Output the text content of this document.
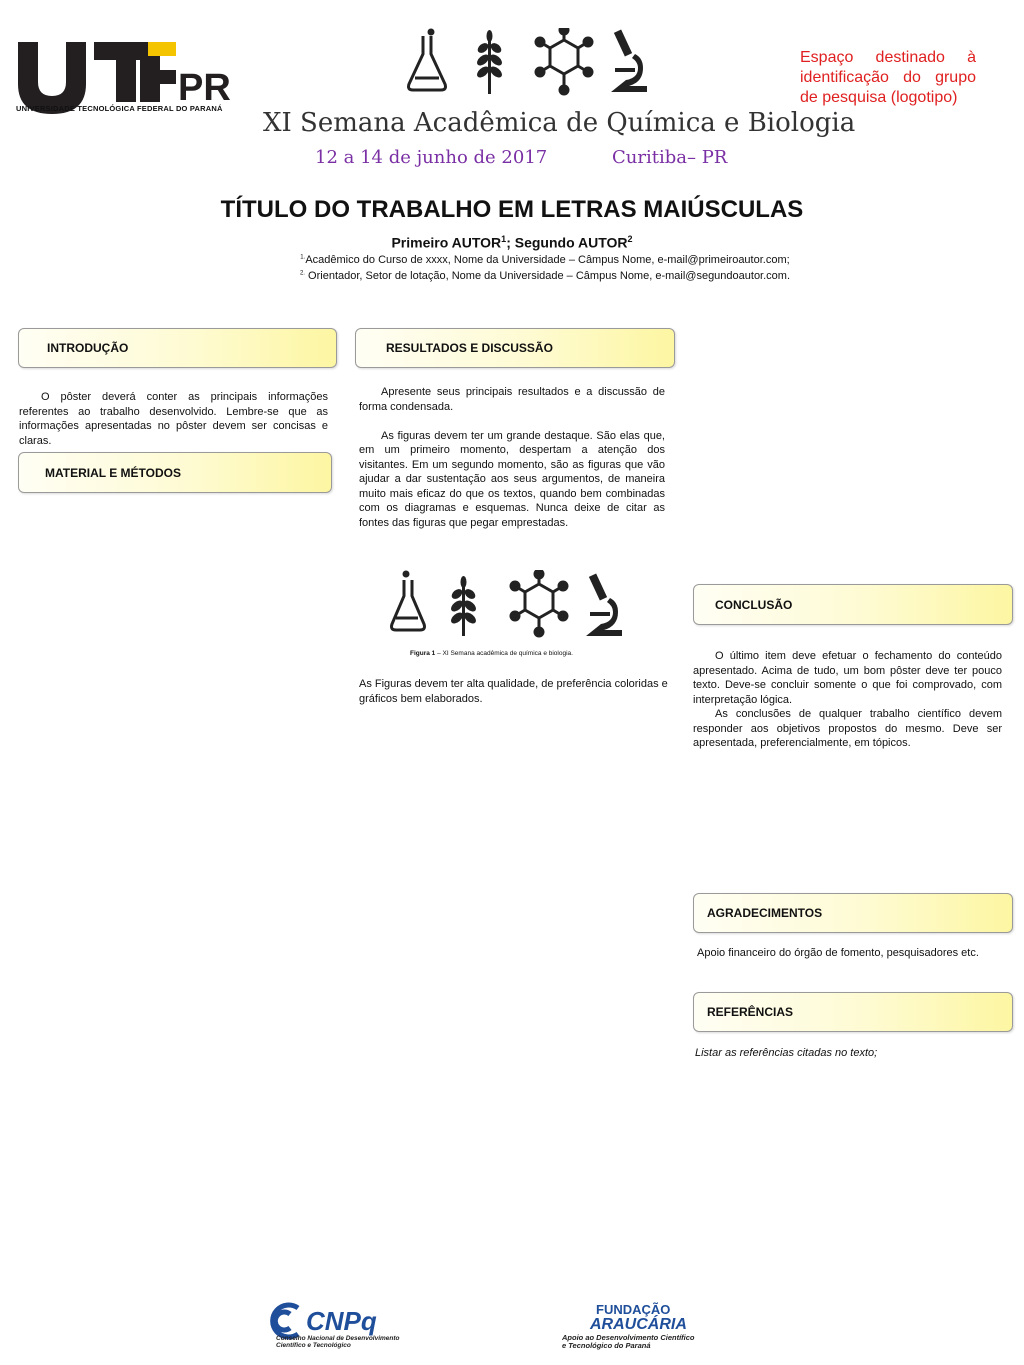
PR
UNIVERSIDADE TECNOLÓGICA FEDERAL DO PARANÁ	XI Semana Acadêmica de Química e Biologia
12 a 14 de junho de 2017	Curitiba– PR
Espaço destinado à identificação do grupo de pesquisa (logotipo)
TÍTULO DO TRABALHO EM LETRAS MAIÚSCULAS
Primeiro AUTOR$^1$; Segundo AUTOR$^2$
$^{1.}$Acadêmico do Curso de xxxx, Nome da Universidade – Câmpus Nome, e-mail@primeiroautor.com;
$^{2.}$ Orientador, Setor de lotação, Nome da Universidade – Câmpus Nome, e-mail@segundoautor.com.
INTRODUÇÃO

O pôster deverá conter as principais informações referentes ao trabalho desenvolvido. Lembre-se que as informações apresentadas no pôster devem ser concisas e claras.

MATERIAL E MÉTODOS
RESULTADOS E DISCUSSÃO

Apresente seus principais resultados e a discussão de forma condensada.

As figuras devem ter um grande destaque. São elas que, em um primeiro momento, despertam a atenção dos visitantes. Em um segundo momento, são as figuras que vão ajudar a dar sustentação aos seus argumentos, de maneira muito mais eficaz do que os textos, quando bem combinadas com os diagramas e esquemas. Nunca deixe de citar as fontes das figuras que pegar emprestadas.

Figura 1 – XI Semana acadêmica de química e biologia.
As Figuras devem ter alta qualidade, de preferência coloridas e gráficos bem elaborados.
CONCLUSÃO

O último item deve efetuar o fechamento do conteúdo apresentado. Acima de tudo, um bom pôster deve ter pouco texto. Deve-se concluir somente o que foi comprovado, com interpretação lógica.

As conclusões de qualquer trabalho científico devem responder aos objetivos propostos do mesmo. Deve ser apresentada, preferencialmente, em tópicos.

AGRADECIMENTOS
Apoio financeiro do órgão de fomento, pesquisadores etc.
REFERÊNCIAS
Listar as referências citadas no texto;
CNPq
Conselho Nacional de Desenvolvimento
Científico e Tecnológico
FUNDAÇÃO
ARAUCÁRIA
Apoio ao Desenvolvimento Científico
e Tecnológico do Paraná
